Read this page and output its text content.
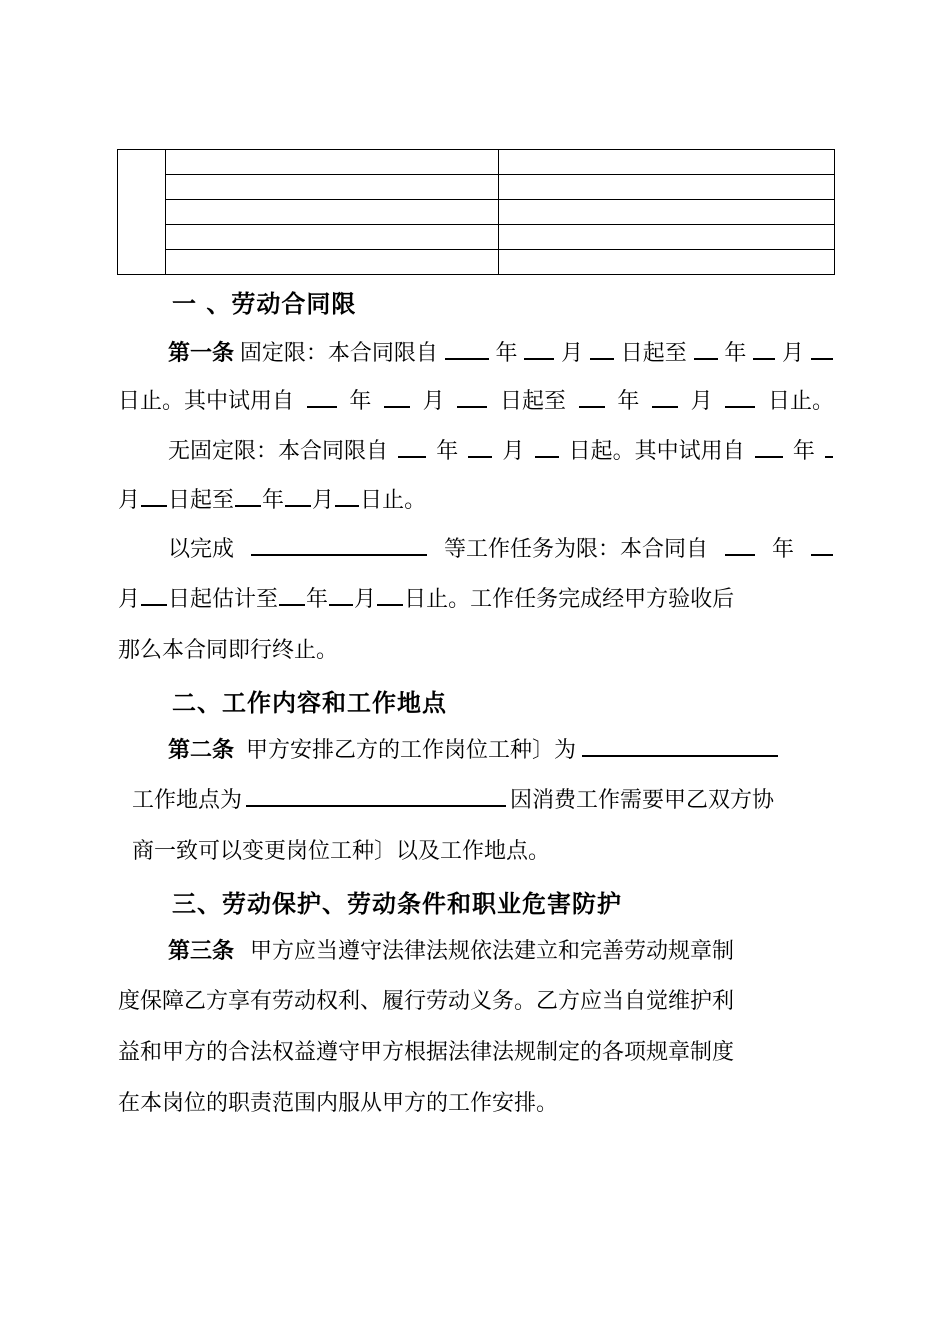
一 、劳动合同限
第一条 固定限：本合同限自	年 月 日起至 年 月
日止。其中试用自	年 月	日起至 年 月	日止。
无固定限：本合同限自 年 月 日起。其中试用自 年
月 日起至 年 月 日止。
以完成	等工作任务为限：本合同自	年
月 日起估计至 年 月 日止。工作任务完成经甲方验收后
那么本合同即行终止。
二、工作内容和工作地点
第二条 甲方安排乙方的工作岗位工种〕为
工作地点为	因消费工作需要甲乙双方协
商一致可以变更岗位工种〕以及工作地点。
三、劳动保护、劳动条件和职业危害防护
第三条 甲方应当遵守法律法规依法建立和完善劳动规章制
度保障乙方享有劳动权利、履行劳动义务。乙方应当自觉维护利
益和甲方的合法权益遵守甲方根据法律法规制定的各项规章制度
在本岗位的职责范围内服从甲方的工作安排。
